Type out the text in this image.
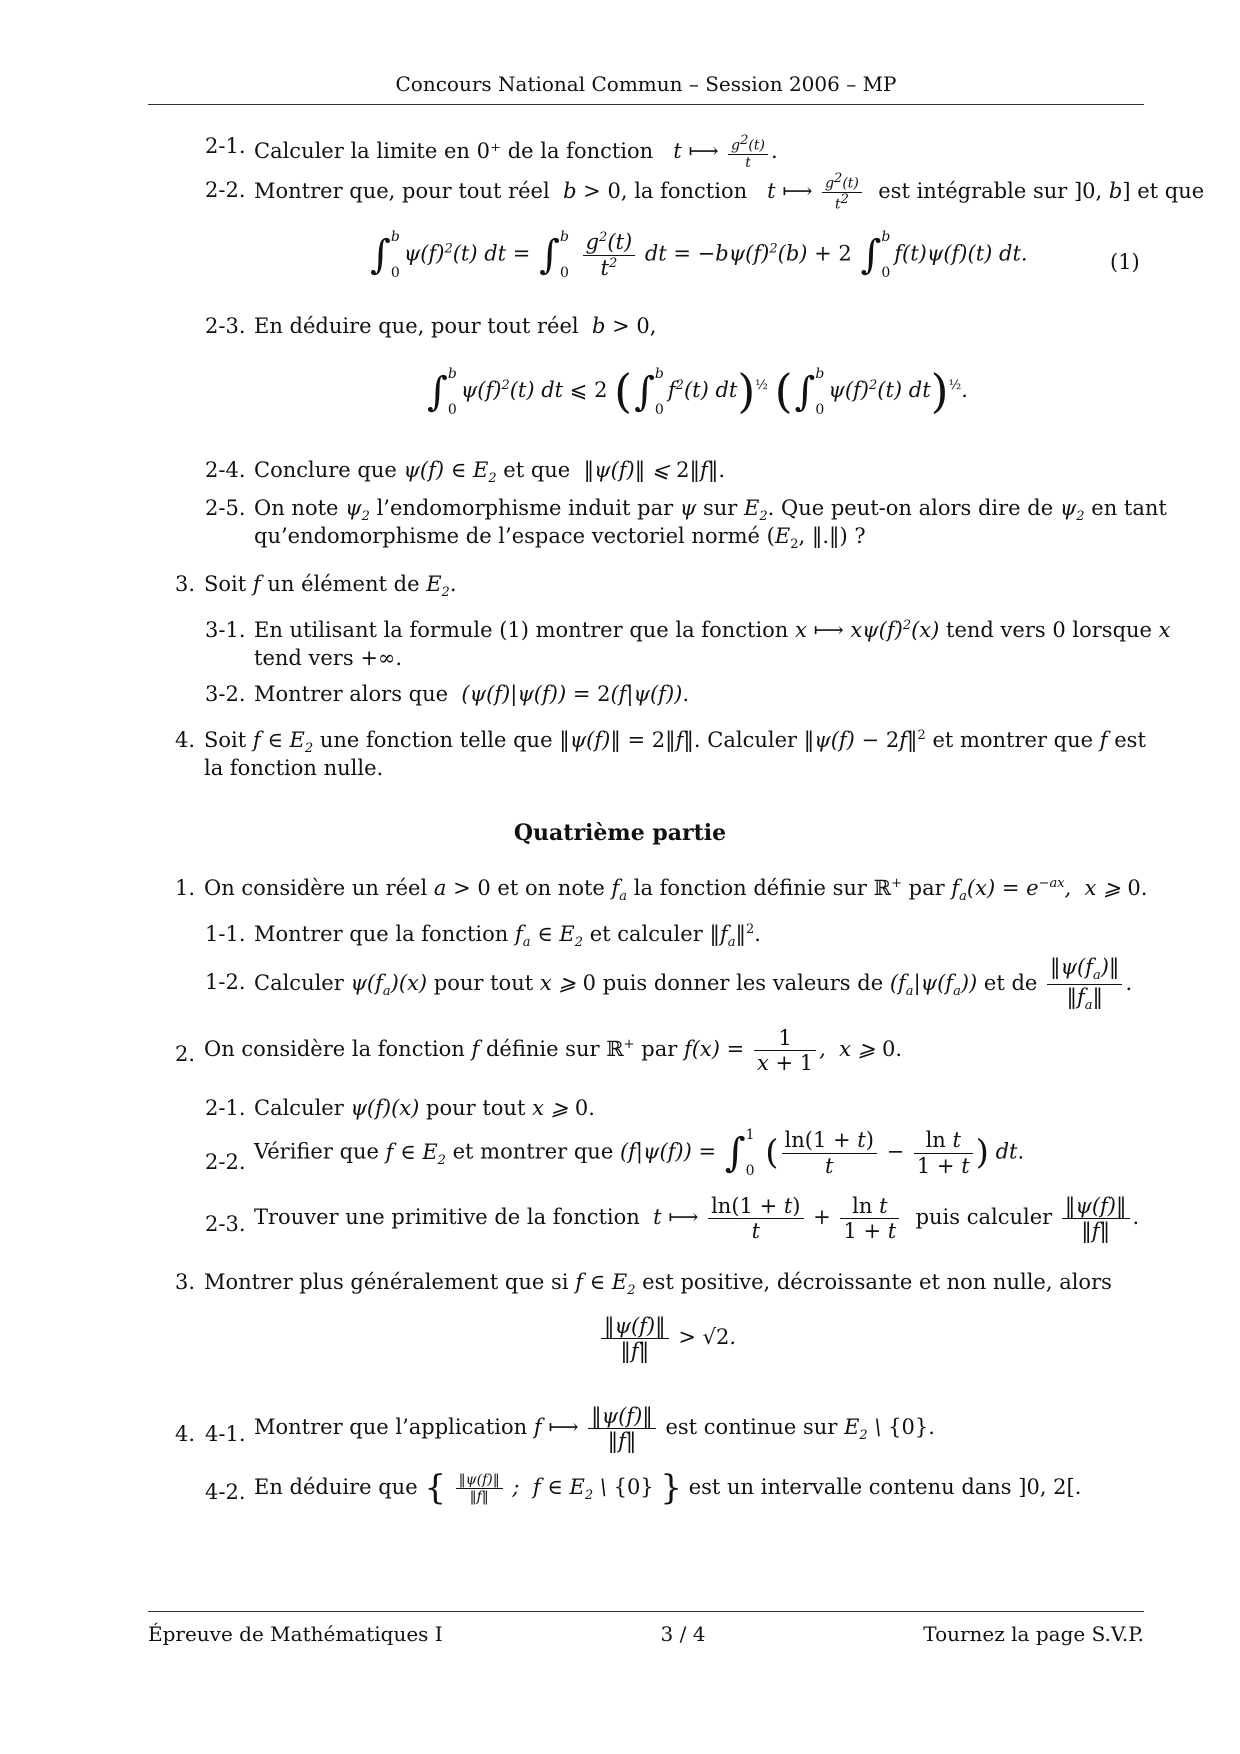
Concours National Commun – Session 2006 – MP
2-1. Calculer la limite en 0⁺ de la fonction   t ⟼ $\frac{g^2(t)}{t}$ .
2-2. Montrer que, pour tout réel  b > 0, la fonction   t ⟼ $\frac{g^2(t)}{t^2}$ est intégrable sur ]0, b] et que
∫ b
0
$\psi(f)^2(t)$ dt = ∫ b
0
$\frac{g^2(t)}{t^2}$ dt = $-b\psi(f)^2(b) + 2$ ∫ b
0
f(t)ψ(f)(t) dt.	(1)
2-3. En déduire que, pour tout réel  b > 0,
∫ b
0
$\psi(f)^2(t)$ dt ⩽ 2 (∫ b
0
$f^2(t)$ dt)$^{\frac{1}{2}}$ (∫ b
0
$\psi(f)^2(t)$ dt)$^{\frac{1}{2}}$.
2-4. Conclure que ψ(f) ∈ $E_2$ et que  ‖ψ(f)‖ ⩽ 2‖f‖.
2-5. On note $\psi_2$ l’endomorphisme induit par ψ sur $E_2$. Que peut-on alors dire de $\psi_2$ en tant
qu’endomorphisme de l’espace vectoriel normé ($E_2$, ‖.‖) ?
3. Soit f un élément de $E_2$.
3-1. En utilisant la formule (1) montrer que la fonction x ⟼ $x\psi(f)^2(x)$ tend vers 0 lorsque x
tend vers +∞.
3-2. Montrer alors que  (ψ(f)|ψ(f)) = 2(f|ψ(f)).
4. Soit f ∈ $E_2$ une fonction telle que ‖ψ(f)‖ = 2‖f‖. Calculer ‖ψ(f) − 2f‖$^2$ et montrer que f est
la fonction nulle.
Quatrième partie
1. On considère un réel a > 0 et on note $f_a$ la fonction définie sur ℝ+ par $f_a(x) = e^{-ax}$,  x ⩾ 0.
1-1. Montrer que la fonction $f_a$ ∈ $E_2$ et calculer $‖f_a‖^2$.
1-2. Calculer $\psi(f_a)(x)$ pour tout x ⩾ 0 puis donner les valeurs de $(f_a|\psi(f_a))$ et de $\frac{‖\psi(f_a)‖}{‖f_a‖}$ .
2. On considère la fonction f définie sur ℝ+ par $f(x) = \frac{1}{x + 1}$ ,  x ⩾ 0.
2-1. Calculer ψ(f)(x) pour tout x ⩾ 0.
2-2. Vérifier que f ∈ $E_2$ et montrer que (f|ψ(f)) = ∫ 1
0 ( $\frac{\ln(1 + t)}{t} - \frac{\text{ln t}}{1 + t}$ ) dt.
2-3. Trouver une primitive de la fonction  t ⟼ $\frac{\ln(1 + t)}{t} + \frac{\text{ln t}}{1 + t}$ puis calculer $\frac{‖\psi(f)‖}{‖f‖}$ .
3. Montrer plus généralement que si f ∈ $E_2$ est positive, décroissante et non nulle, alors
$\frac{‖\psi(f)‖}{‖f‖} > √2$.
4. 4-1. Montrer que l’application f ⟼ $\frac{‖\psi(f)‖}{‖f‖}$ est continue sur $E_2$ \ {0}.
4-2. En déduire que { $\frac{‖\psi(f)‖}{‖f‖}$ ;  f ∈ $E_2$ \ {0} } est un intervalle contenu dans ]0, 2[.
Épreuve de Mathématiques I	3 / 4	Tournez la page S.V.P.
